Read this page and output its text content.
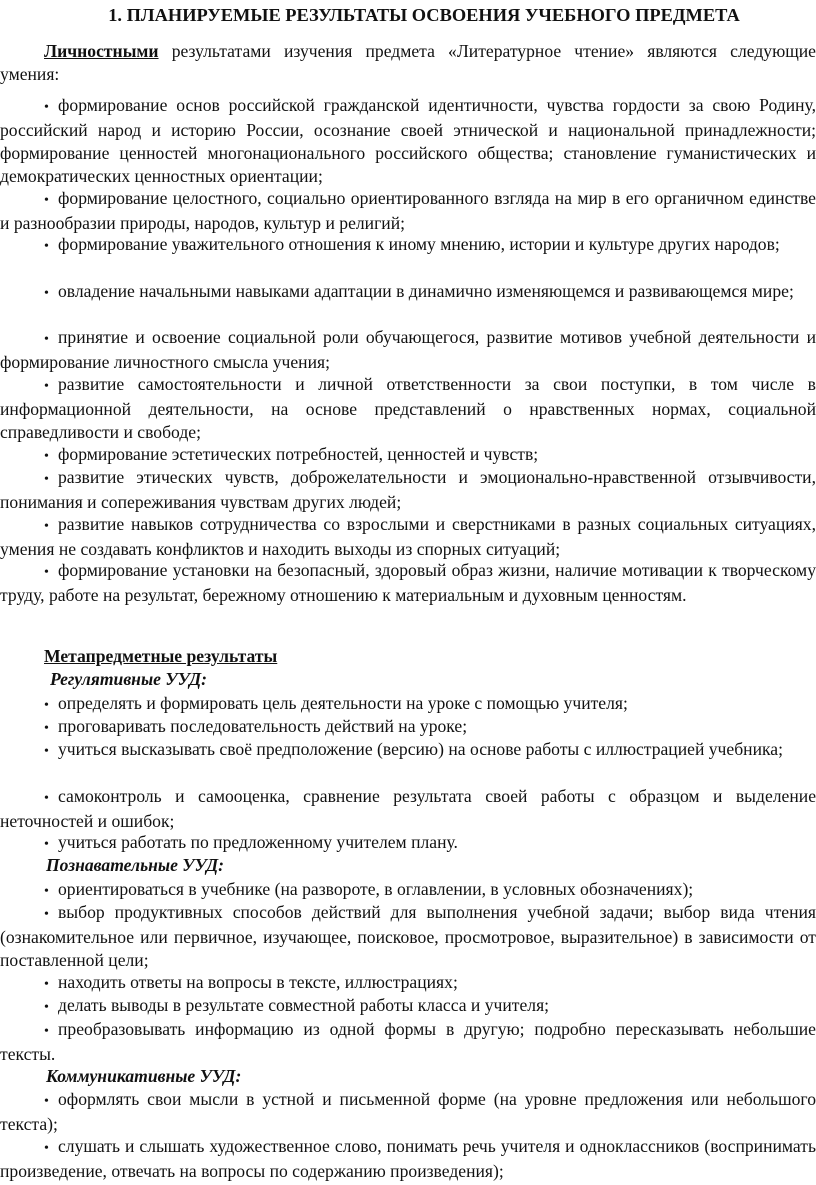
1. ПЛАНИРУЕМЫЕ РЕЗУЛЬТАТЫ ОСВОЕНИЯ УЧЕБНОГО ПРЕДМЕТА
Личностными результатами изучения предмета «Литературное чтение» являются следующие умения:
• формирование основ российской гражданской идентичности, чувства гордости за свою Родину, российский народ и историю России, осознание своей этнической и национальной принадлежности; формирование ценностей многонационального российского общества; становление гуманистических и демократических ценностных ориентации;
• формирование целостного, социально ориентированного взгляда на мир в его органичном единстве и разнообразии природы, народов, культур и религий;
• формирование уважительного отношения к иному мнению, истории и культуре других народов;
• овладение начальными навыками адаптации в динамично изменяющемся и развивающемся мире;
• принятие и освоение социальной роли обучающегося, развитие мотивов учебной деятельности и формирование личностного смысла учения;
• развитие самостоятельности и личной ответственности за свои поступки, в том числе в информационной деятельности, на основе представлений о нравственных нормах, социальной справедливости и свободе;
• формирование эстетических потребностей, ценностей и чувств;
• развитие этических чувств, доброжелательности и эмоционально-нравственной отзывчивости, понимания и сопереживания чувствам других людей;
• развитие навыков сотрудничества со взрослыми и сверстниками в разных социальных ситуациях, умения не создавать конфликтов и находить выходы из спорных ситуаций;
• формирование установки на безопасный, здоровый образ жизни, наличие мотивации к творческому труду, работе на результат, бережному отношению к материальным и духовным ценностям.
Метапредметные результаты
Регулятивные УУД:
• определять и формировать цель деятельности на уроке с помощью учителя;
• проговаривать последовательность действий на уроке;
• учиться высказывать своё предположение (версию) на основе работы с иллюстрацией учебника;
• самоконтроль и самооценка, сравнение результата своей работы с образцом и выделение неточностей и ошибок;
• учиться работать по предложенному учителем плану.
Познавательные УУД:
• ориентироваться в учебнике (на развороте, в оглавлении, в условных обозначениях);
• выбор продуктивных способов действий для выполнения учебной задачи; выбор вида чтения (ознакомительное или первичное, изучающее, поисковое, просмотровое, выразительное) в зависимости от поставленной цели;
• находить ответы на вопросы в тексте, иллюстрациях;
• делать выводы в результате совместной работы класса и учителя;
• преобразовывать информацию из одной формы в другую; подробно пересказывать небольшие тексты.
Коммуникативные УУД:
• оформлять свои мысли в устной и письменной форме (на уровне предложения или небольшого текста);
• слушать и слышать художественное слово, понимать речь учителя и одноклассников (воспринимать произведение, отвечать на вопросы по содержанию произведения);
